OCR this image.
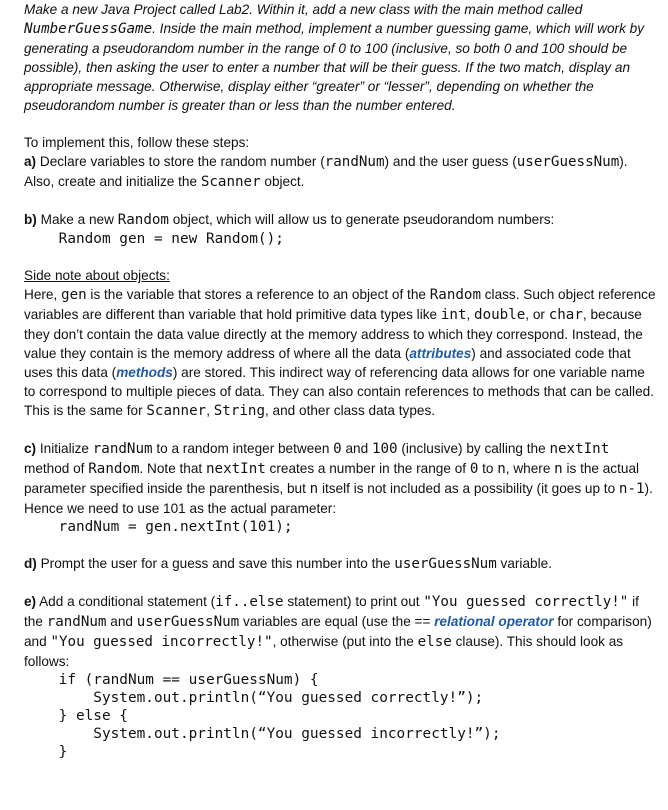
Make a new Java Project called Lab2. Within it, add a new class with the main method called NumberGuessGame. Inside the main method, implement a number guessing game, which will work by generating a pseudorandom number in the range of 0 to 100 (inclusive, so both 0 and 100 should be possible), then asking the user to enter a number that will be their guess. If the two match, display an appropriate message. Otherwise, display either “greater” or “lesser”, depending on whether the pseudorandom number is greater than or less than the number entered.

To implement this, follow these steps:

a) Declare variables to store the random number (randNum) and the user guess (userGuessNum). Also, create and initialize the Scanner object.

b) Make a new Random object, which will allow us to generate pseudorandom numbers:

Random gen = new Random();

Side note about objects:

Here, gen is the variable that stores a reference to an object of the Random class. Such object reference variables are different than variable that hold primitive data types like int, double, or char, because they don’t contain the data value directly at the memory address to which they correspond. Instead, the value they contain is the memory address of where all the data (attributes) and associated code that uses this data (methods) are stored. This indirect way of referencing data allows for one variable name to correspond to multiple pieces of data. They can also contain references to methods that can be called. This is the same for Scanner, String, and other class data types.

c) Initialize randNum to a random integer between 0 and 100 (inclusive) by calling the nextInt method of Random. Note that nextInt creates a number in the range of 0 to n, where n is the actual parameter specified inside the parenthesis, but n itself is not included as a possibility (it goes up to n-1). Hence we need to use 101 as the actual parameter:

randNum = gen.nextInt(101);

d) Prompt the user for a guess and save this number into the userGuessNum variable.

e) Add a conditional statement (if..else statement) to print out "You guessed correctly!" if the randNum and userGuessNum variables are equal (use the == relational operator for comparison) and "You guessed incorrectly!", otherwise (put into the else clause). This should look as follows:

if (randNum == userGuessNum) {
System.out.println(“You guessed correctly!”);
} else {
System.out.println(“You guessed incorrectly!”);
}
